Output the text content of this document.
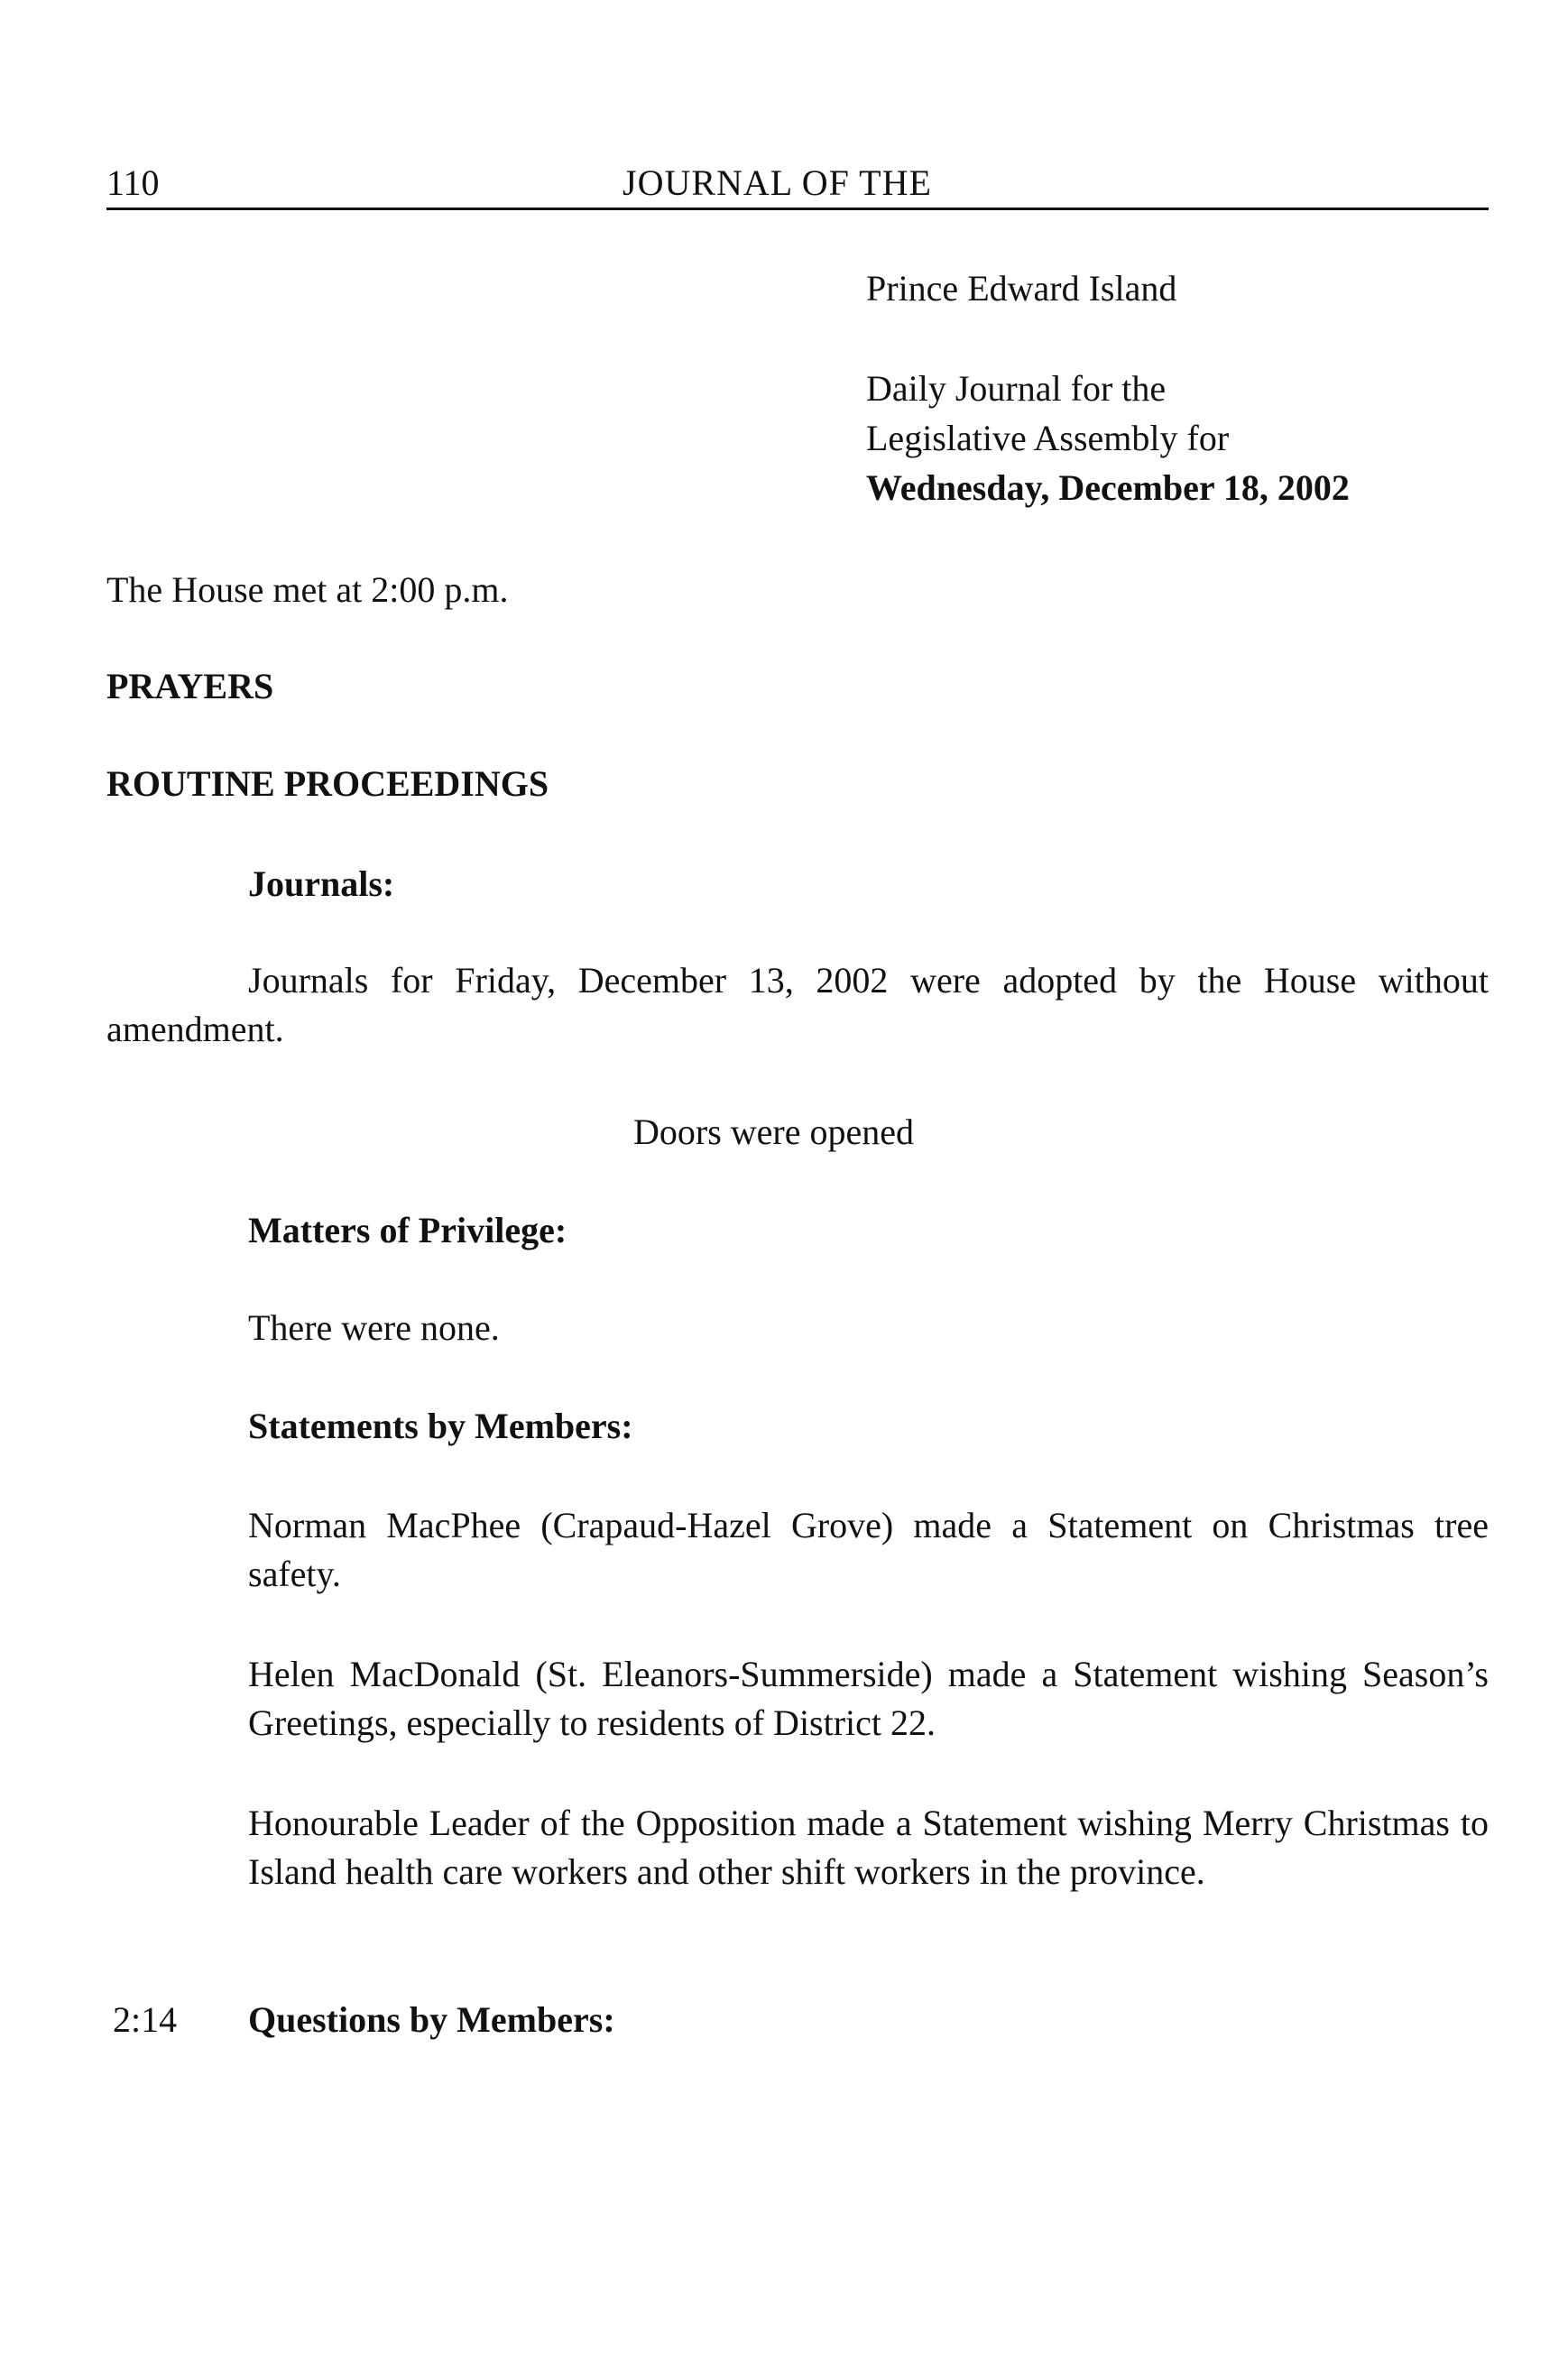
110	JOURNAL OF THE
Prince Edward Island
Daily Journal for the
Legislative Assembly for
Wednesday, December 18, 2002
The House met at 2:00 p.m.
PRAYERS
ROUTINE PROCEEDINGS
Journals:
Journals for Friday, December 13, 2002 were adopted by the House without amendment.
Doors were opened
Matters of Privilege:
There were none.
Statements by Members:
Norman MacPhee (Crapaud-Hazel Grove) made a Statement on Christmas tree safety.
Helen MacDonald (St. Eleanors-Summerside) made a Statement wishing Season’s Greetings, especially to residents of District 22.
Honourable Leader of the Opposition made a Statement wishing Merry Christmas to Island health care workers and other shift workers in the province.
2:14 Questions by Members:
